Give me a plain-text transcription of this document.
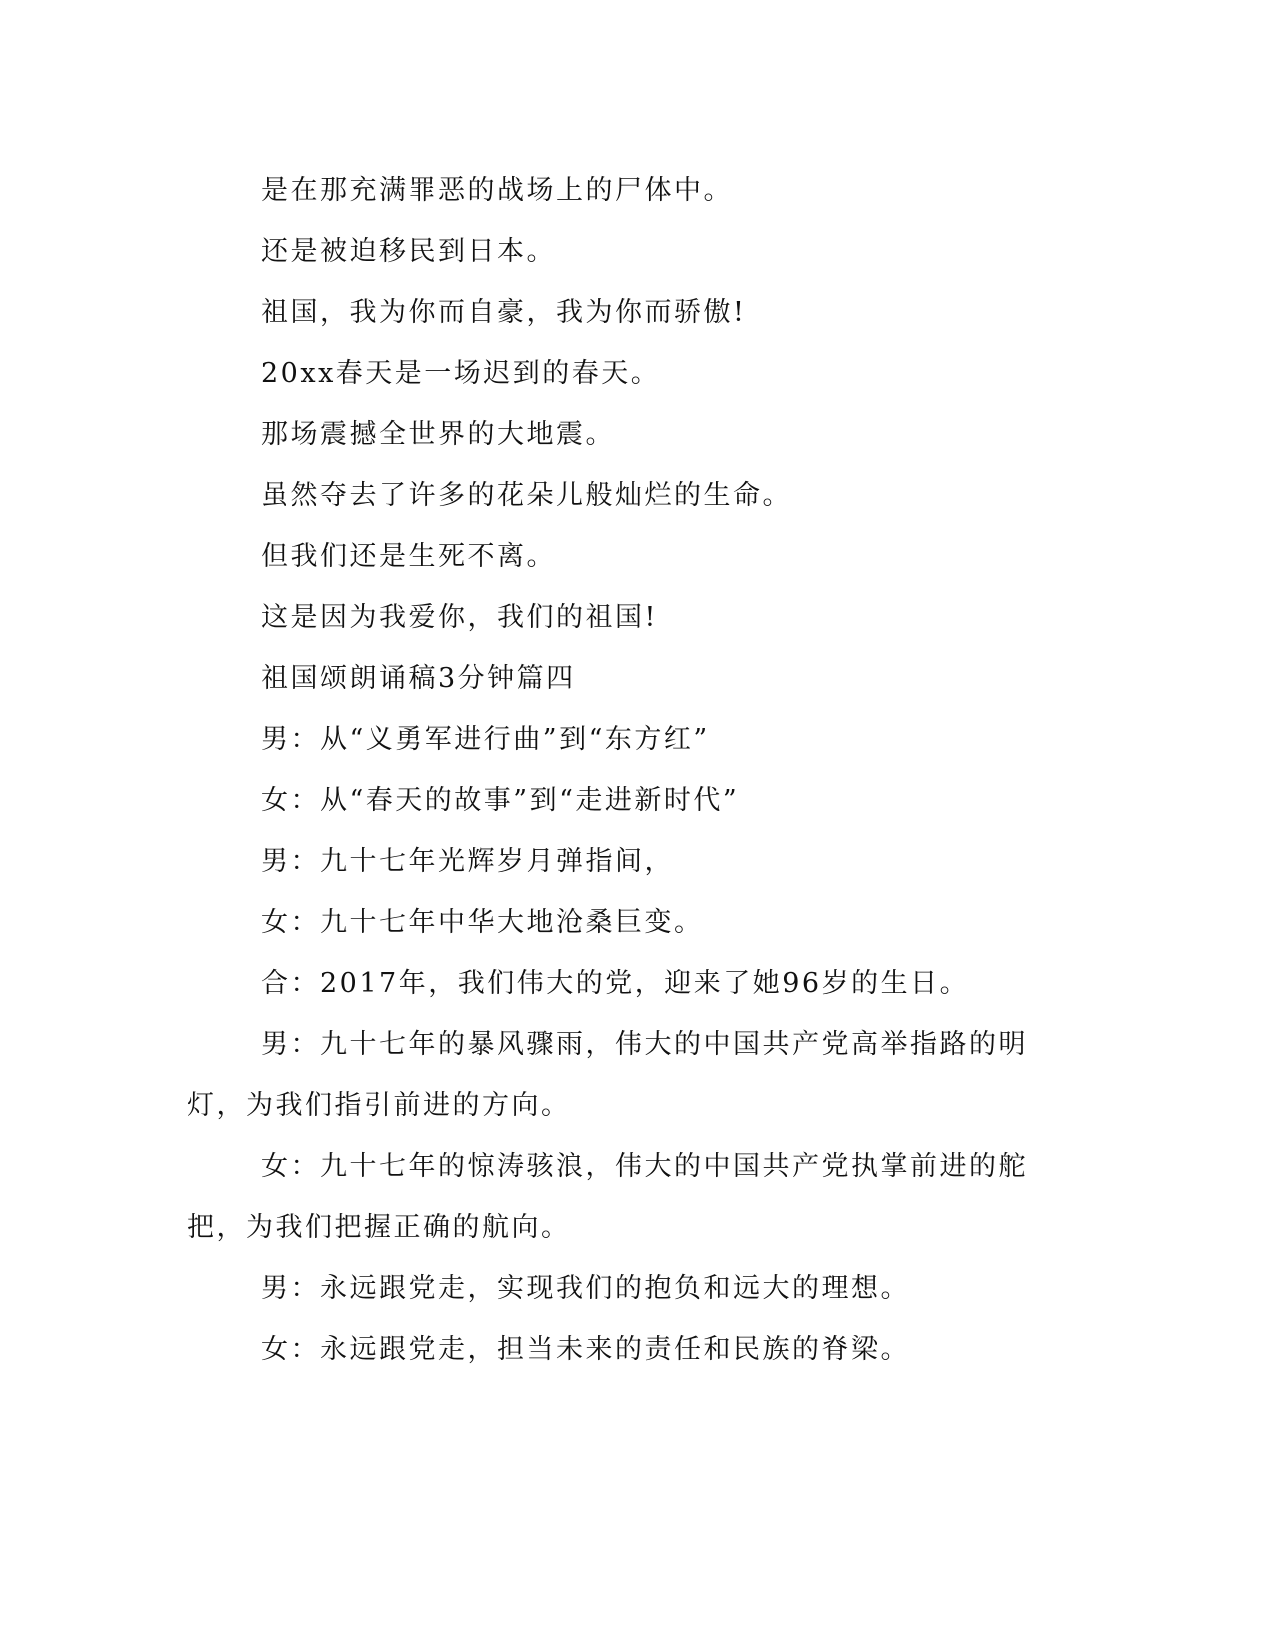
是在那充满罪恶的战场上的尸体中。

还是被迫移民到日本。

祖国，我为你而自豪，我为你而骄傲!

20xx春天是一场迟到的春天。

那场震撼全世界的大地震。

虽然夺去了许多的花朵儿般灿烂的生命。

但我们还是生死不离。

这是因为我爱你，我们的祖国!

祖国颂朗诵稿3分钟篇四

男：从“义勇军进行曲”到“东方红”

女：从“春天的故事”到“走进新时代”

男：九十七年光辉岁月弹指间，

女：九十七年中华大地沧桑巨变。

合：2017年，我们伟大的党，迎来了她96岁的生日。

男：九十七年的暴风骤雨，伟大的中国共产党高举指路的明灯，为我们指引前进的方向。

女：九十七年的惊涛骇浪，伟大的中国共产党执掌前进的舵把，为我们把握正确的航向。

男：永远跟党走，实现我们的抱负和远大的理想。

女：永远跟党走，担当未来的责任和民族的脊梁。
